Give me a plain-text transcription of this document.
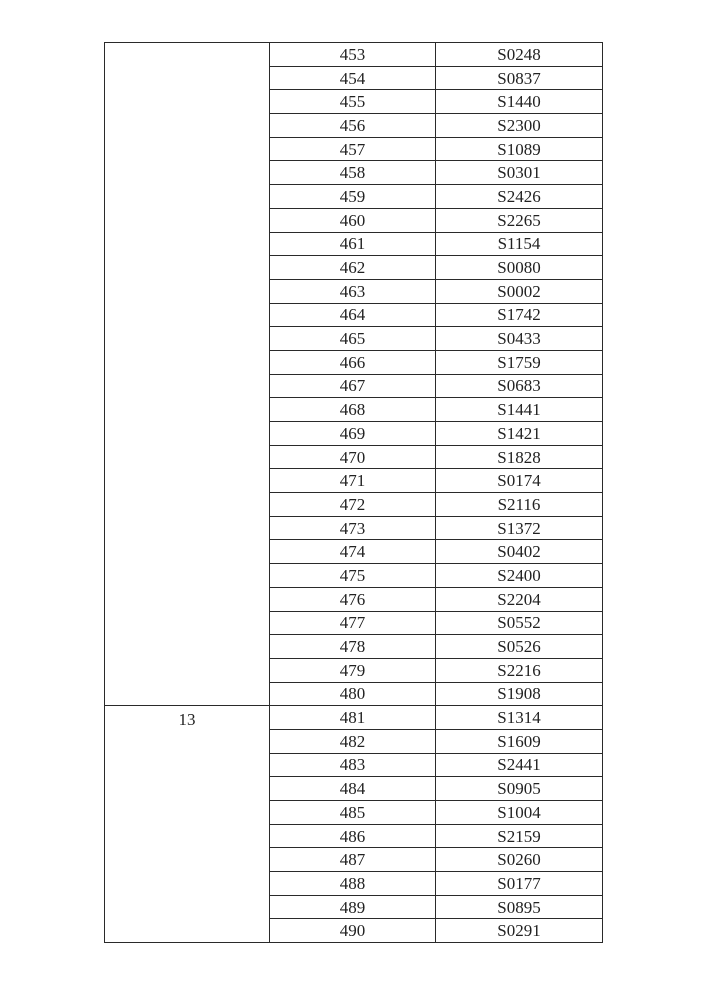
	453	S0248
	454	S0837
	455	S1440
	456	S2300
	457	S1089
	458	S0301
	459	S2426
	460	S2265
	461	S1154
	462	S0080
	463	S0002
	464	S1742
	465	S0433
	466	S1759
	467	S0683
	468	S1441
	469	S1421
	470	S1828
	471	S0174
	472	S2116
	473	S1372
	474	S0402
	475	S2400
	476	S2204
	477	S0552
	478	S0526
	479	S2216
	480	S1908
13	481	S1314
	482	S1609
	483	S2441
	484	S0905
	485	S1004
	486	S2159
	487	S0260
	488	S0177
	489	S0895
	490	S0291
